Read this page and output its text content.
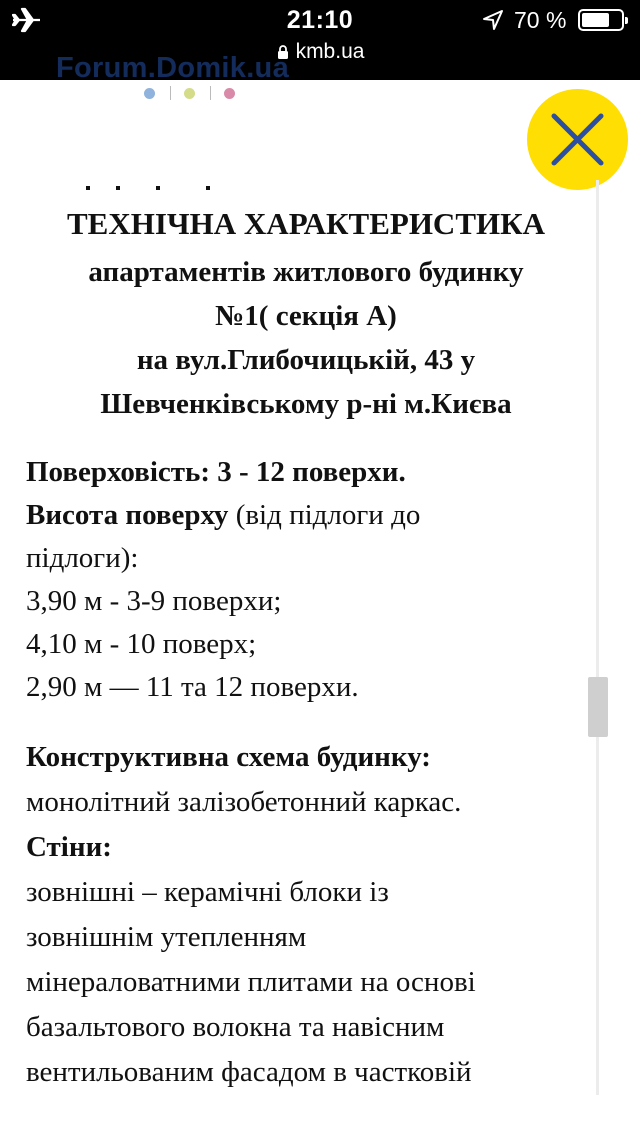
21:10	70 %
kmb.ua
Forum.Domik.ua
ТЕХНІЧНА ХАРАКТЕРИСТИКА
апартаментів житлового будинку
№1( секція А)
на вул.Глибочицькій, 43 у
Шевченківському р-ні м.Києва
Поверховість: 3 - 12 поверхи.
Висота поверху (від підлоги до
підлоги):
3,90 м - 3-9 поверхи;
4,10 м - 10 поверх;
2,90 м — 11 та 12 поверхи.
Конструктивна схема будинку:
монолітний залізобетонний каркас.
Стіни:
зовнішні – керамічні блоки із
зовнішнім утепленням
мінераловатними плитами на основі
базальтового волокна та навісним
вентильованим фасадом в частковій
